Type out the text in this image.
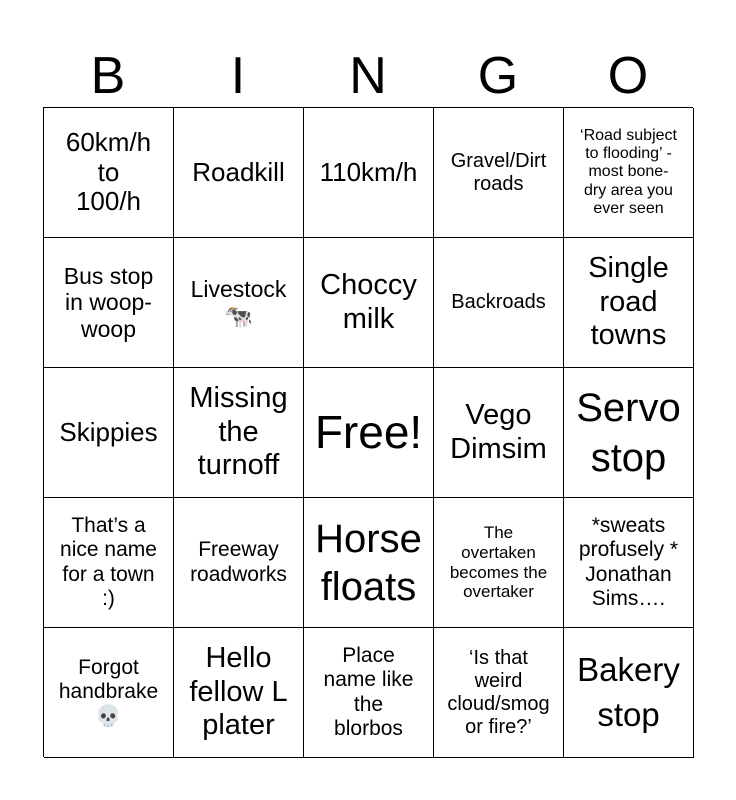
B	I	N	G	O
60km/h
to
100/h
Roadkill 110km/h Gravel/Dirt
roads
‘Road subject
to flooding’ -
most bone-
dry area you
ever seen
Bus stop
in woop-
woop
Livestock
🐄
Choccy
milk
Backroads
Single
road
towns
Skippies
Missing
the
turnoff
Free!	Vego
Dimsim
Servo
stop
That’s a
nice name
for a town
:)
Freeway
roadworks
Horse
floats
The
overtaken
becomes the
overtaker
*sweats
profusely *
Jonathan
Sims….
Forgot
handbrake
💀
Hello
fellow L
plater
Place
name like
the
blorbos
‘Is that
weird
cloud/smog
or fire?’
Bakery
stop
